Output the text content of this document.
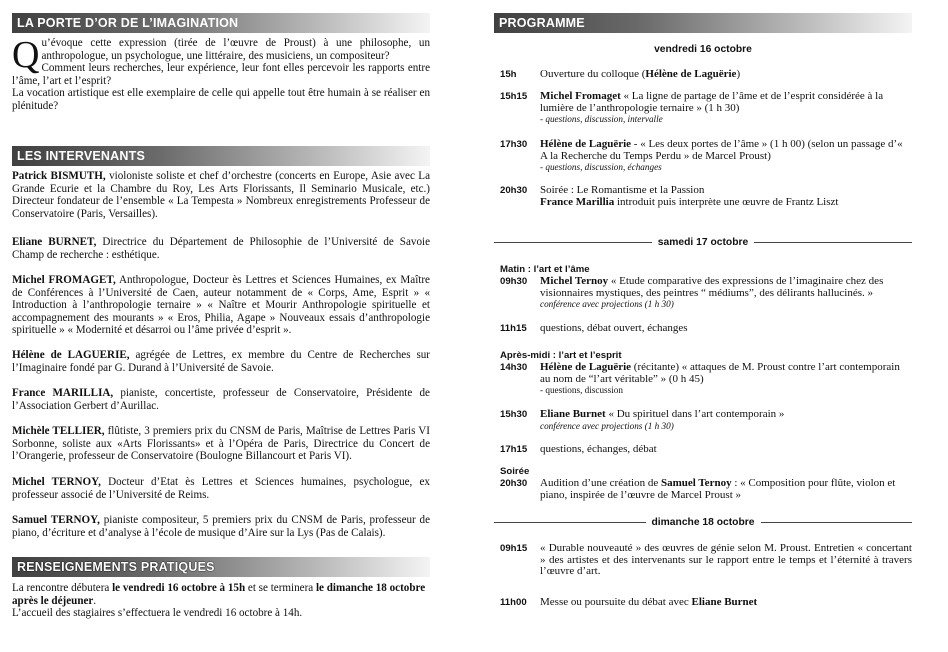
LA PORTE D’OR DE L’IMAGINATION
Q u’évoque cette expression (tirée de l’œuvre de Proust) à une philosophe, un anthropologue, un psychologue, une littéraire, des musiciens, un compositeur?
Comment leurs recherches, leur expérience, leur font elles percevoir les rapports entre l’âme, l’art et l’esprit?
La vocation artistique est elle exemplaire de celle qui appelle tout être humain à se réaliser en plénitude?
LES INTERVENANTS
Patrick BISMUTH, violoniste soliste et chef d’orchestre (concerts en Europe, Asie avec La Grande Ecurie et la Chambre du Roy, Les Arts Florissants, Il Seminario Musicale, etc.) Directeur fondateur de l’ensemble « La Tempesta » Nombreux enregistrements Professeur de Conservatoire (Paris, Versailles).
Eliane BURNET, Directrice du Département de Philosophie de l’Université de Savoie Champ de recherche : esthétique.
Michel FROMAGET, Anthropologue, Docteur ès Lettres et Sciences Humaines, ex Maître de Conférences à l’Université de Caen, auteur notamment de « Corps, Ame, Esprit » « Introduction à l’anthropologie ternaire » « Naître et Mourir Anthropologie spirituelle et accompagnement des mourants » « Eros, Philia, Agape » Nouveaux essais d’anthropologie spirituelle » « Modernité et désarroi ou l’âme privée d’esprit ».
Hélène de LAGUERIE, agrégée de Lettres, ex membre du Centre de Recherches sur l’Imaginaire fondé par G. Durand à l’Université de Savoie.
France MARILLIA, pianiste, concertiste, professeur de Conservatoire, Présidente de l’Association Gerbert d’Aurillac.
Michèle TELLIER, flûtiste, 3 premiers prix du CNSM de Paris, Maîtrise de Lettres Paris VI Sorbonne, soliste aux «Arts Florissants» et à l’Opéra de Paris, Directrice du Concert de l’Orangerie, professeur de Conservatoire (Boulogne Billancourt et Paris VI).
Michel TERNOY, Docteur d’Etat ès Lettres et Sciences humaines, psychologue, ex professeur associé de l’Université de Reims.
Samuel TERNOY, pianiste compositeur, 5 premiers prix du CNSM de Paris, professeur de piano, d’écriture et d’analyse à l’école de musique d’Aire sur la Lys (Pas de Calais).
RENSEIGNEMENTS PRATIQUES
La rencontre débutera le vendredi 16 octobre à 15h et se terminera le dimanche 18 octobre après le déjeuner.
L’accueil des stagiaires s’effectuera le vendredi 16 octobre à 14h.
PROGRAMME
vendredi 16 octobre
15h	Ouverture du colloque (Hélène de Laguërie)
15h15	Michel Fromaget « La ligne de partage de l’âme et de l’esprit considérée à la lumière de l’anthropologie ternaire » (1 h 30)
- questions, discussion, intervalle
17h30	Hélène de Laguërie - « Les deux portes de l’âme » (1 h 00) (selon un passage d’« A la Recherche du Temps Perdu » de Marcel Proust)
- questions, discussion, échanges
20h30	Soirée : Le Romantisme et la Passion
France Marillia introduit puis interprète une œuvre de Frantz Liszt
samedi 17 octobre
Matin : l’art et l’âme
09h30	Michel Ternoy « Etude comparative des expressions de l’imaginaire chez des visionnaires mystiques, des peintres “ médiums”, des délirants hallucinés. »
conférence avec projections (1 h 30)
11h15	questions, débat ouvert, échanges
Après-midi : l’art et l’esprit
14h30	Hélène de Laguërie (récitante) « attaques de M. Proust contre l’art contemporain au nom de “l’art véritable” » (0 h 45)
- questions, discussion
15h30	Eliane Burnet « Du spirituel dans l’art contemporain »
conférence avec projections (1 h 30)
17h15	questions, échanges, débat
Soirée
20h30	Audition d’une création de Samuel Ternoy : « Composition pour flûte, violon et piano, inspirée de l’œuvre de Marcel Proust »
dimanche 18 octobre
09h15	« Durable nouveauté » des œuvres de génie selon M. Proust. Entretien « concertant » des artistes et des intervenants sur le rapport entre le temps et l’éternité à travers l’œuvre d’art.
11h00	Messe ou poursuite du débat avec Eliane Burnet
